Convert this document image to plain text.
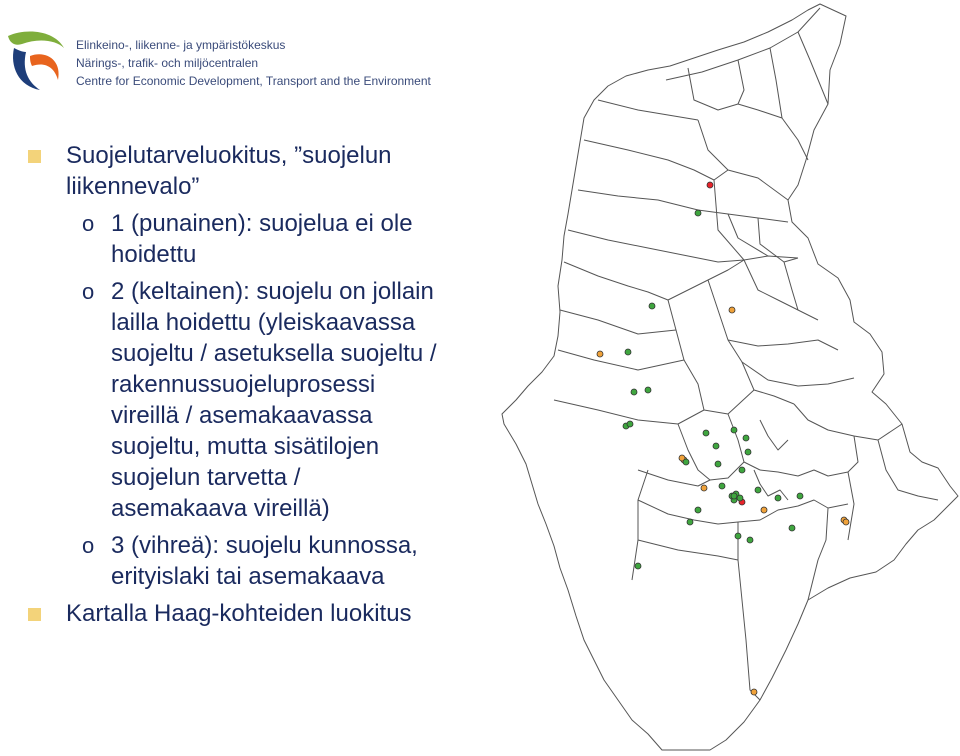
Elinkeino-, liikenne- ja ympäristökeskus
Närings-, trafik- och miljöcentralen
Centre for Economic Development, Transport and the Environment
Suojelutarveluokitus, ”suojelun
liikennevalo”
o 1 (punainen): suojelua ei ole
hoidettu
o 2 (keltainen): suojelu on jollain
lailla hoidettu (yleiskaavassa
suojeltu / asetuksella suojeltu /
rakennussuojeluprosessi
vireillä / asemakaavassa
suojeltu, mutta sisätilojen
suojelun tarvetta /
asemakaava vireillä)
o 3 (vihreä): suojelu kunnossa,
erityislaki tai asemakaava
Kartalla Haag-kohteiden luokitus
